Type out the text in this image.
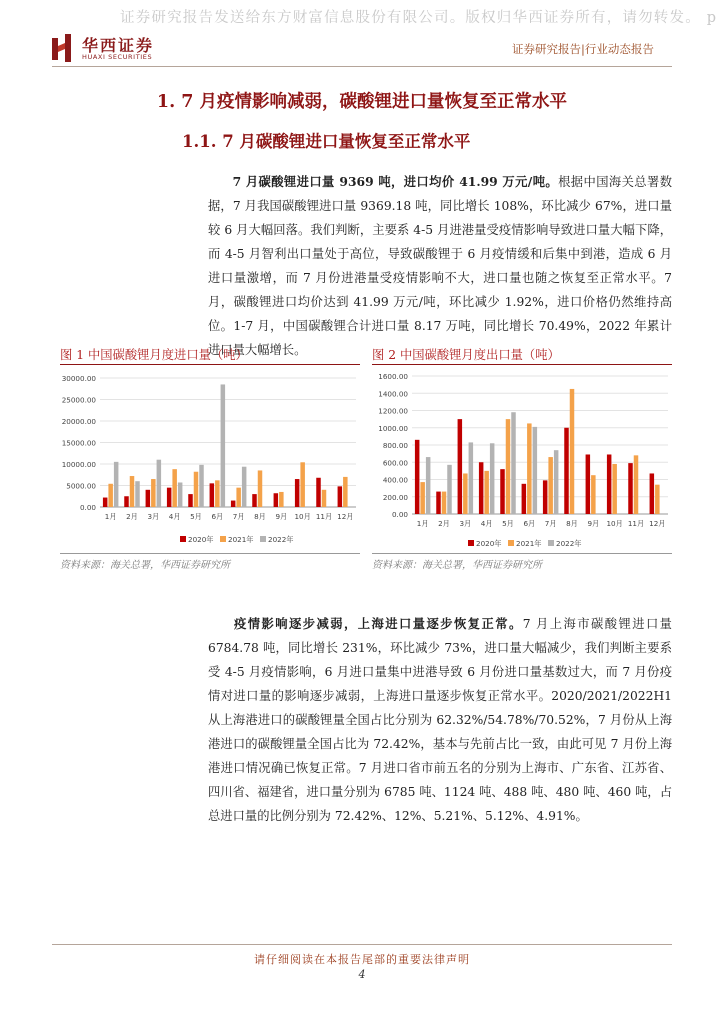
证券研究报告发送给东方财富信息股份有限公司。版权归华西证券所有，请勿转发。 p
华西证券
HUAXI SECURITIES
证券研究报告|行业动态报告
1. 7 月疫情影响减弱，碳酸锂进口量恢复至正常水平
1.1. 7 月碳酸锂进口量恢复至正常水平
  7 月碳酸锂进口量 9369 吨，进口均价 41.99 万元/吨。根据中国海关总署数据，7 月我国碳酸锂进口量 9369.18 吨，同比增长 108%，环比减少 67%，进口量较 6 月大幅回落。我们判断，主要系 4-5 月进港量受疫情影响导致进口量大幅下降，而 4-5 月智利出口量处于高位，导致碳酸锂于 6 月疫情缓和后集中到港，造成 6 月进口量激增，而 7 月份进港量受疫情影响不大，进口量也随之恢复至正常水平。7 月，碳酸锂进口均价达到 41.99 万元/吨，环比减少 1.92%，进口价格仍然维持高位。1-7 月，中国碳酸锂合计进口量 8.17 万吨，同比增长 70.49%，2022 年累计进口量大幅增长。
图 1 中国碳酸锂月度进口量（吨）
0.00
5000.00
10000.00
15000.00
20000.00
25000.00
30000.00
1月 2月 3月 4月 5月 6月 7月 8月 9月 10月 11月 12月
2020年 2021年 2022年
资料来源：海关总署，华西证券研究所
图 2 中国碳酸锂月度出口量（吨）
0.00
200.00
400.00
600.00
800.00
1000.00
1200.00
1400.00
1600.00
1月 2月 3月 4月 5月 6月 7月 8月 9月 10月 11月 12月
2020年 2021年 2022年
资料来源：海关总署，华西证券研究所
  疫情影响逐步减弱，上海进口量逐步恢复正常。7 月上海市碳酸锂进口量 6784.78 吨，同比增长 231%，环比减少 73%，进口量大幅减少，我们判断主要系受 4-5 月疫情影响，6 月进口量集中进港导致 6 月份进口量基数过大，而 7 月份疫情对进口量的影响逐步减弱，上海进口量逐步恢复正常水平。2020/2021/2022H1 从上海港进口的碳酸锂量全国占比分别为 62.32%/54.78%/70.52%，7 月份从上海港进口的碳酸锂量全国占比为 72.42%，基本与先前占比一致，由此可见 7 月份上海港进口情况确已恢复正常。7 月进口省市前五名的分别为上海市、广东省、江苏省、四川省、福建省，进口量分别为 6785 吨、1124 吨、488 吨、480 吨、460 吨，占总进口量的比例分别为 72.42%、12%、5.21%、5.12%、4.91%。
请仔细阅读在本报告尾部的重要法律声明
4
